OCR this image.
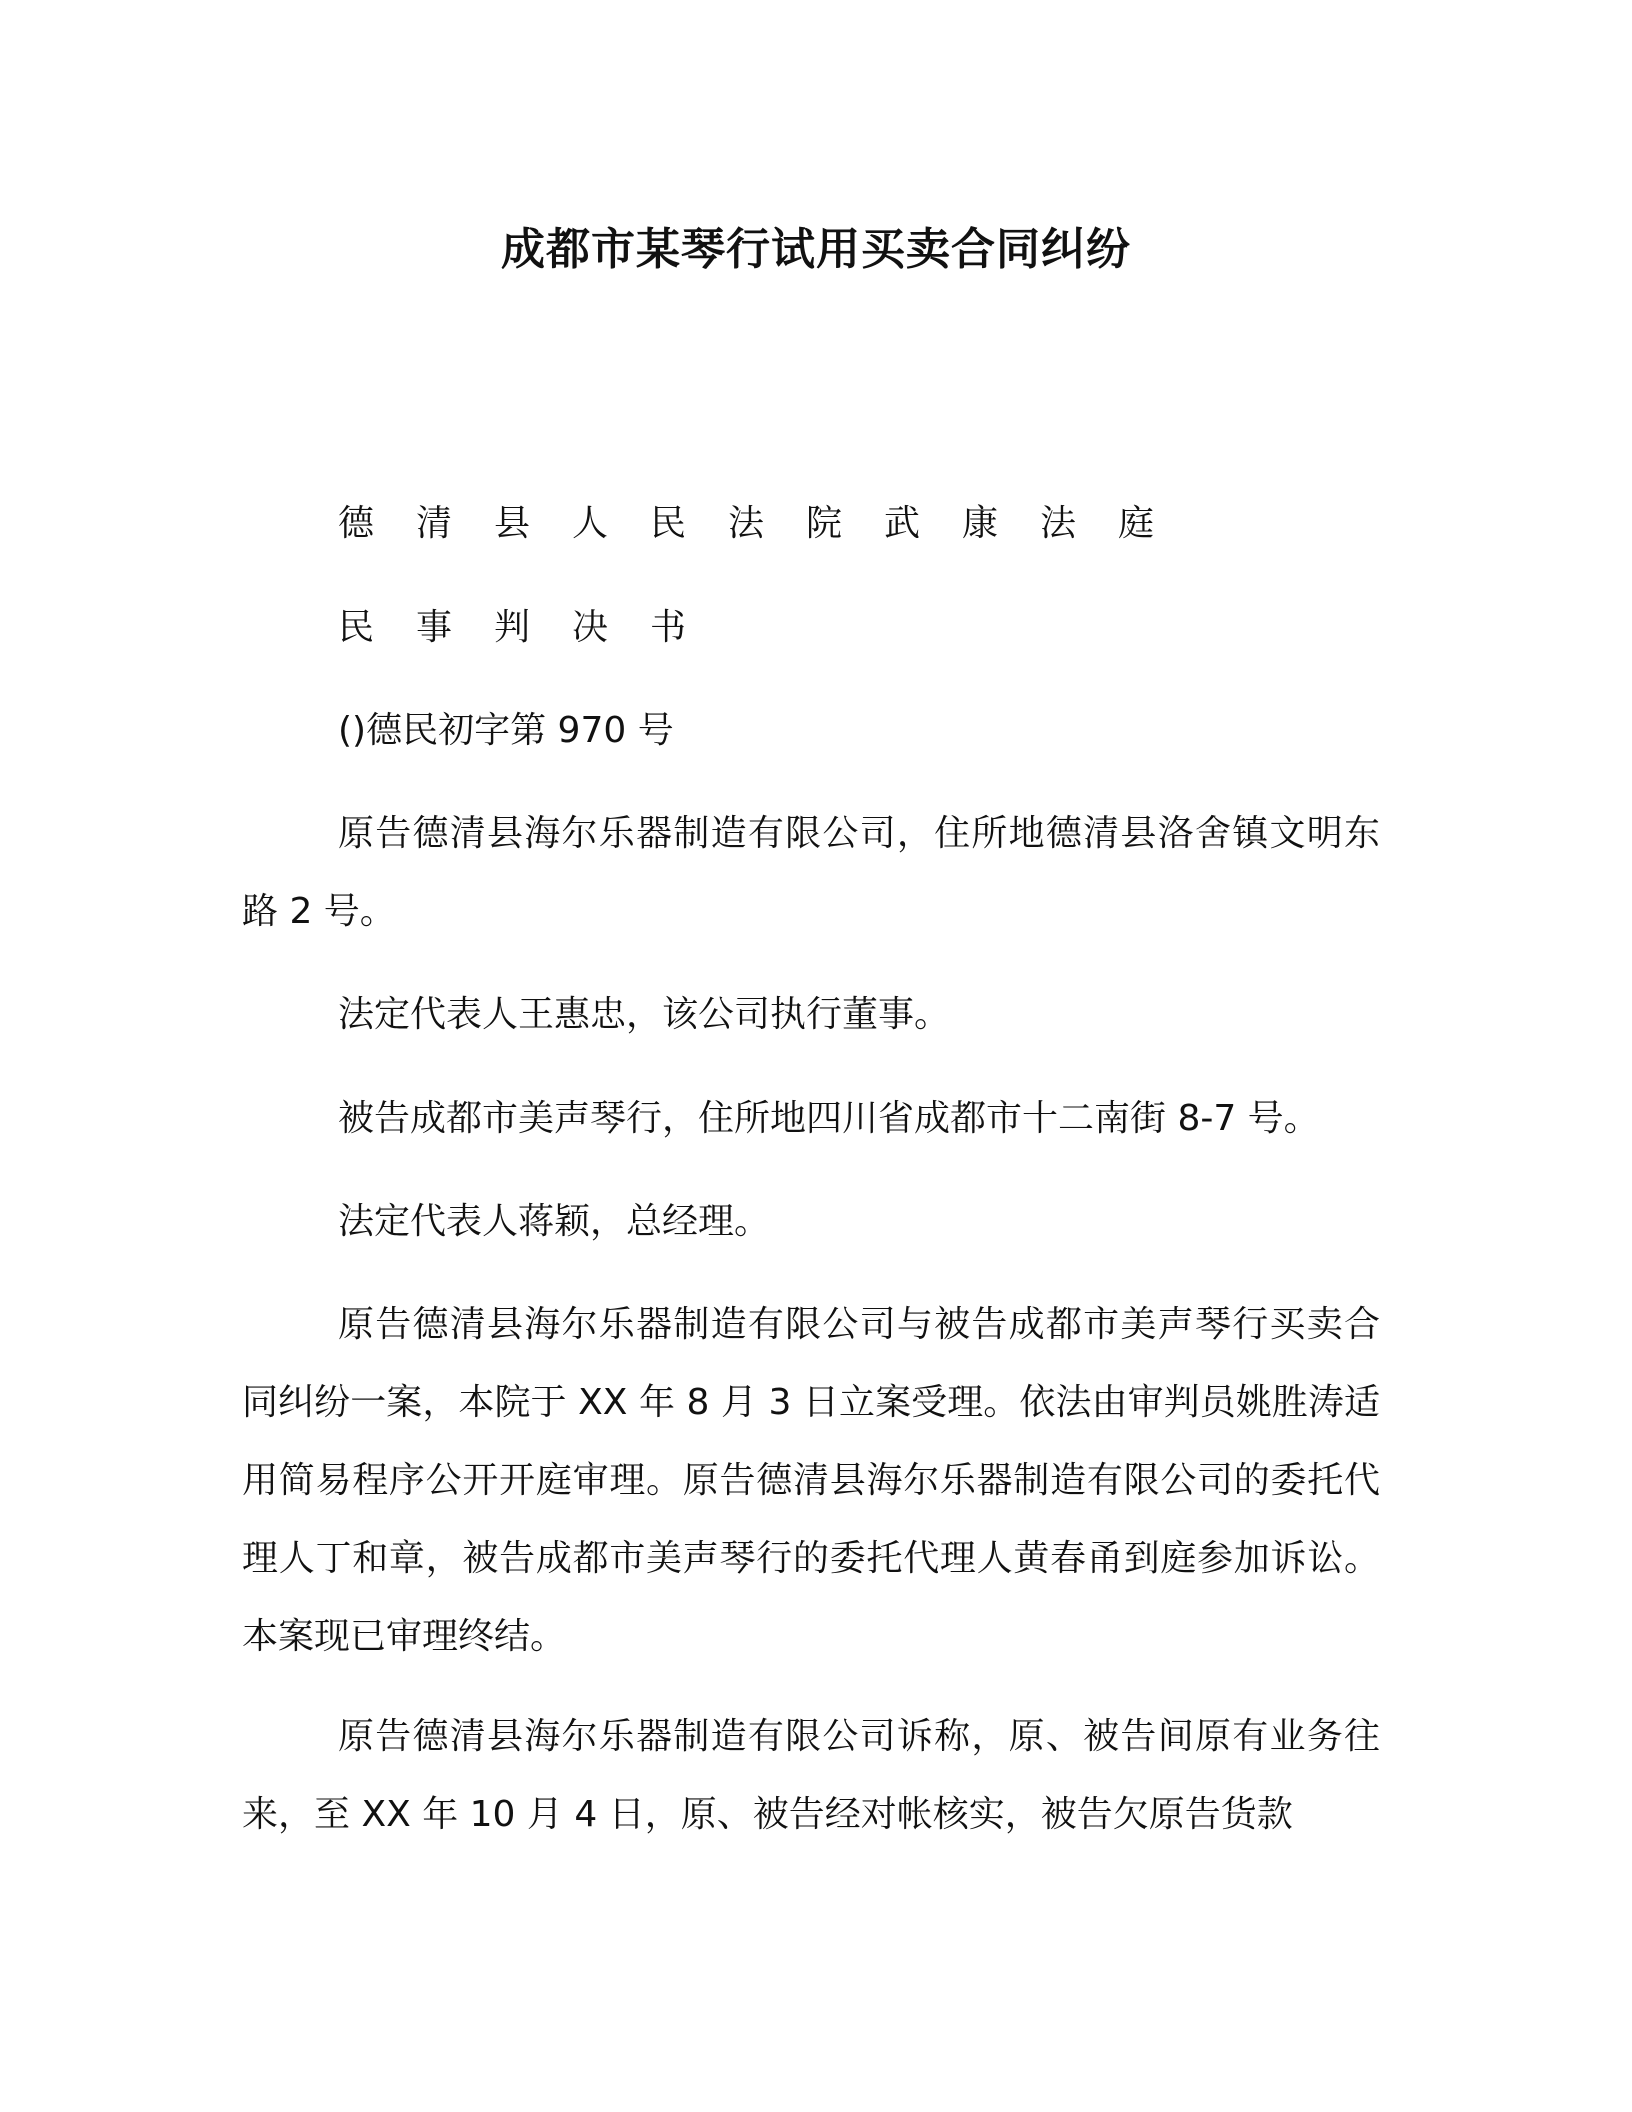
成都市某琴行试用买卖合同纠纷
德清县人民法院武康法庭
民事判决书

()德民初字第 970 号

原告德清县海尔乐器制造有限公司，住所地德清县洛舍镇文明东路 2 号。

法定代表人王惠忠，该公司执行董事。

被告成都市美声琴行，住所地四川省成都市十二南街 8-7 号。

法定代表人蒋颖，总经理。

原告德清县海尔乐器制造有限公司与被告成都市美声琴行买卖合同纠纷一案，本院于 XX 年 8 月 3 日立案受理。依法由审判员姚胜涛适用简易程序公开开庭审理。原告德清县海尔乐器制造有限公司的委托代理人丁和章，被告成都市美声琴行的委托代理人黄春甬到庭参加诉讼。本案现已审理终结。

原告德清县海尔乐器制造有限公司诉称，原、被告间原有业务往来，至 XX 年 10 月 4 日，原、被告经对帐核实，被告欠原告货款
